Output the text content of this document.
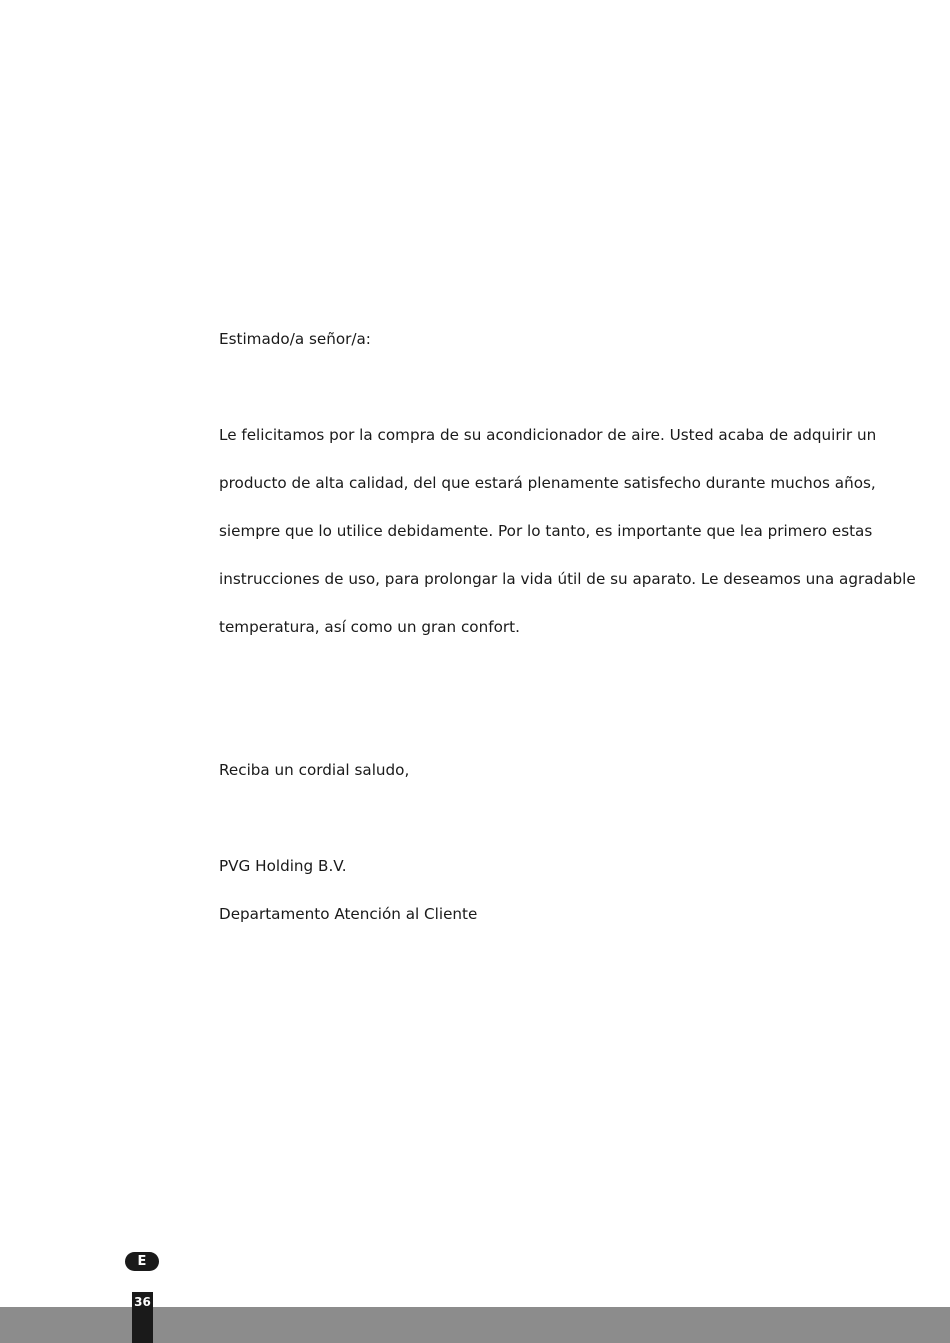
Estimado/a señor/a:
Le felicitamos por la compra de su acondicionador de aire. Usted acaba de adquirir un
producto de alta calidad, del que estará plenamente satisfecho durante muchos años,
siempre que lo utilice debidamente. Por lo tanto, es importante que lea primero estas
instrucciones de uso, para prolongar la vida útil de su aparato. Le deseamos una agradable
temperatura, así como un gran confort.
Reciba un cordial saludo,
PVG Holding B.V.
Departamento Atención al Cliente
E
36
